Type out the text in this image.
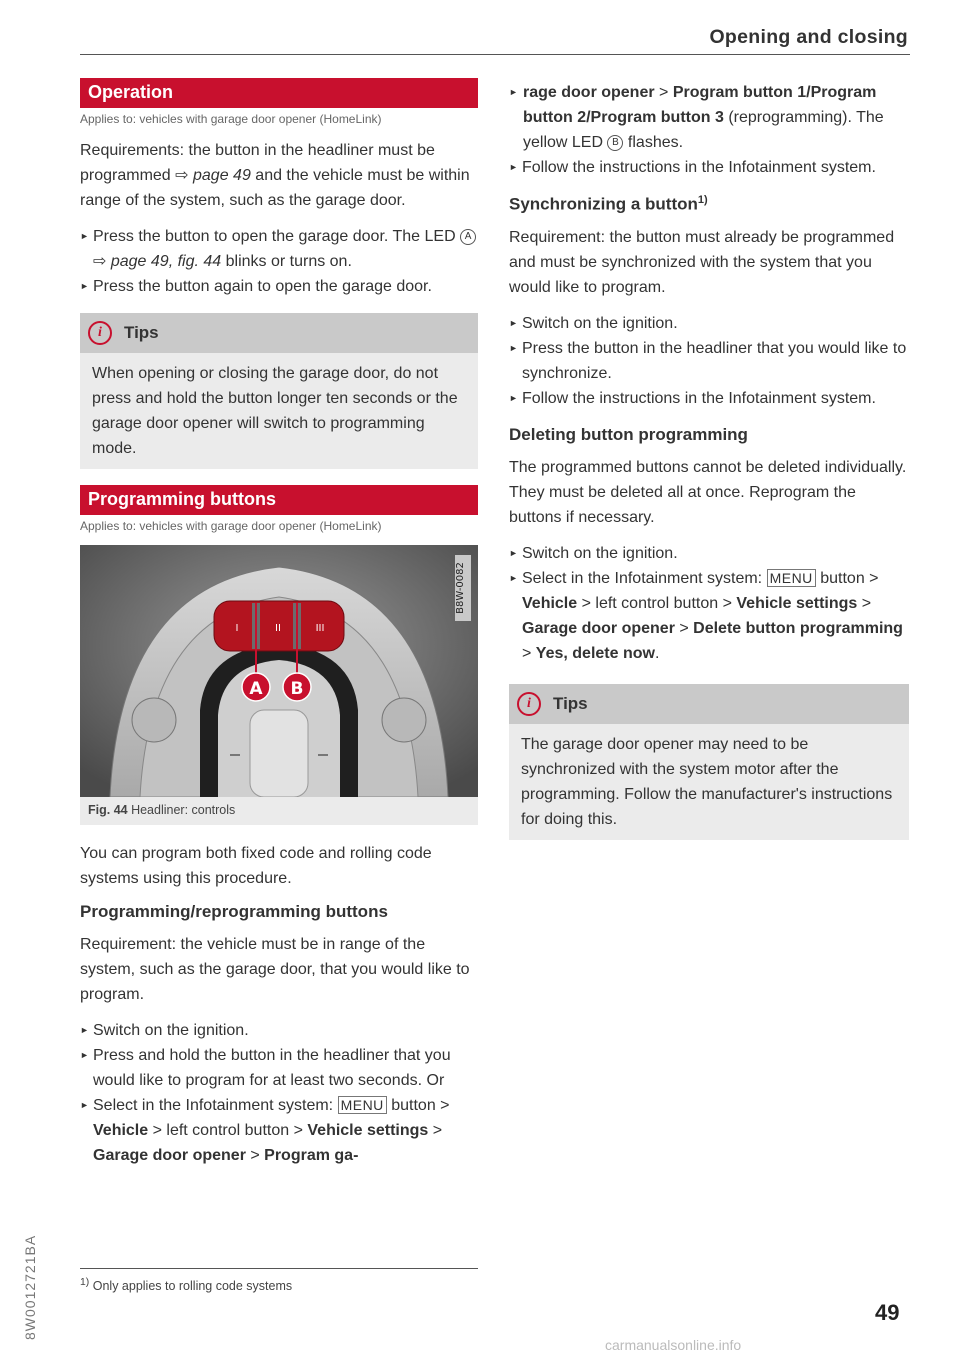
Opening and closing
Operation
Applies to: vehicles with garage door opener (HomeLink)

Requirements: the button in the headliner must be programmed ⇨ page 49 and the vehicle must be within range of the system, such as the garage door.

► Press the button to open the garage door. The LED A ⇨ page 49, fig. 44 blinks or turns on.
► Press the button again to open the garage door.
i	Tips
When opening or closing the garage door, do not press and hold the button longer ten seconds or the garage door opener will switch to programming mode.
Programming buttons
Applies to: vehicles with garage door opener (HomeLink)
I	II	III
A B
B8W-0082
Fig. 44 Headliner: controls

You can program both fixed code and rolling code systems using this procedure.

Programming/reprogramming buttons

Requirement: the vehicle must be in range of the system, such as the garage door, that you would like to program.

► Switch on the ignition.
► Press and hold the button in the headliner that you would like to program for at least two seconds. Or
► Select in the Infotainment system: MENU button > Vehicle > left control button > Vehicle settings > Garage door opener > Program ga-
► rage door opener > Program button 1/Program button 2/Program button 3 (reprogramming). The yellow LED B flashes.
► Follow the instructions in the Infotainment system.
Synchronizing a button$^{1)}$

Requirement: the button must already be programmed and must be synchronized with the system that you would like to program.

► Switch on the ignition.
► Press the button in the headliner that you would like to synchronize.
► Follow the instructions in the Infotainment system.
Deleting button programming

The programmed buttons cannot be deleted individually. They must be deleted all at once. Reprogram the buttons if necessary.

► Switch on the ignition.
► Select in the Infotainment system: MENU button > Vehicle > left control button > Vehicle settings > Garage door opener > Delete button programming > Yes, delete now.
i	Tips
The garage door opener may need to be synchronized with the system motor after the programming. Follow the manufacturer's instructions for doing this.
$^{1)}$ Only applies to rolling code systems
49
8W0012721BA
carmanualsonline.info
